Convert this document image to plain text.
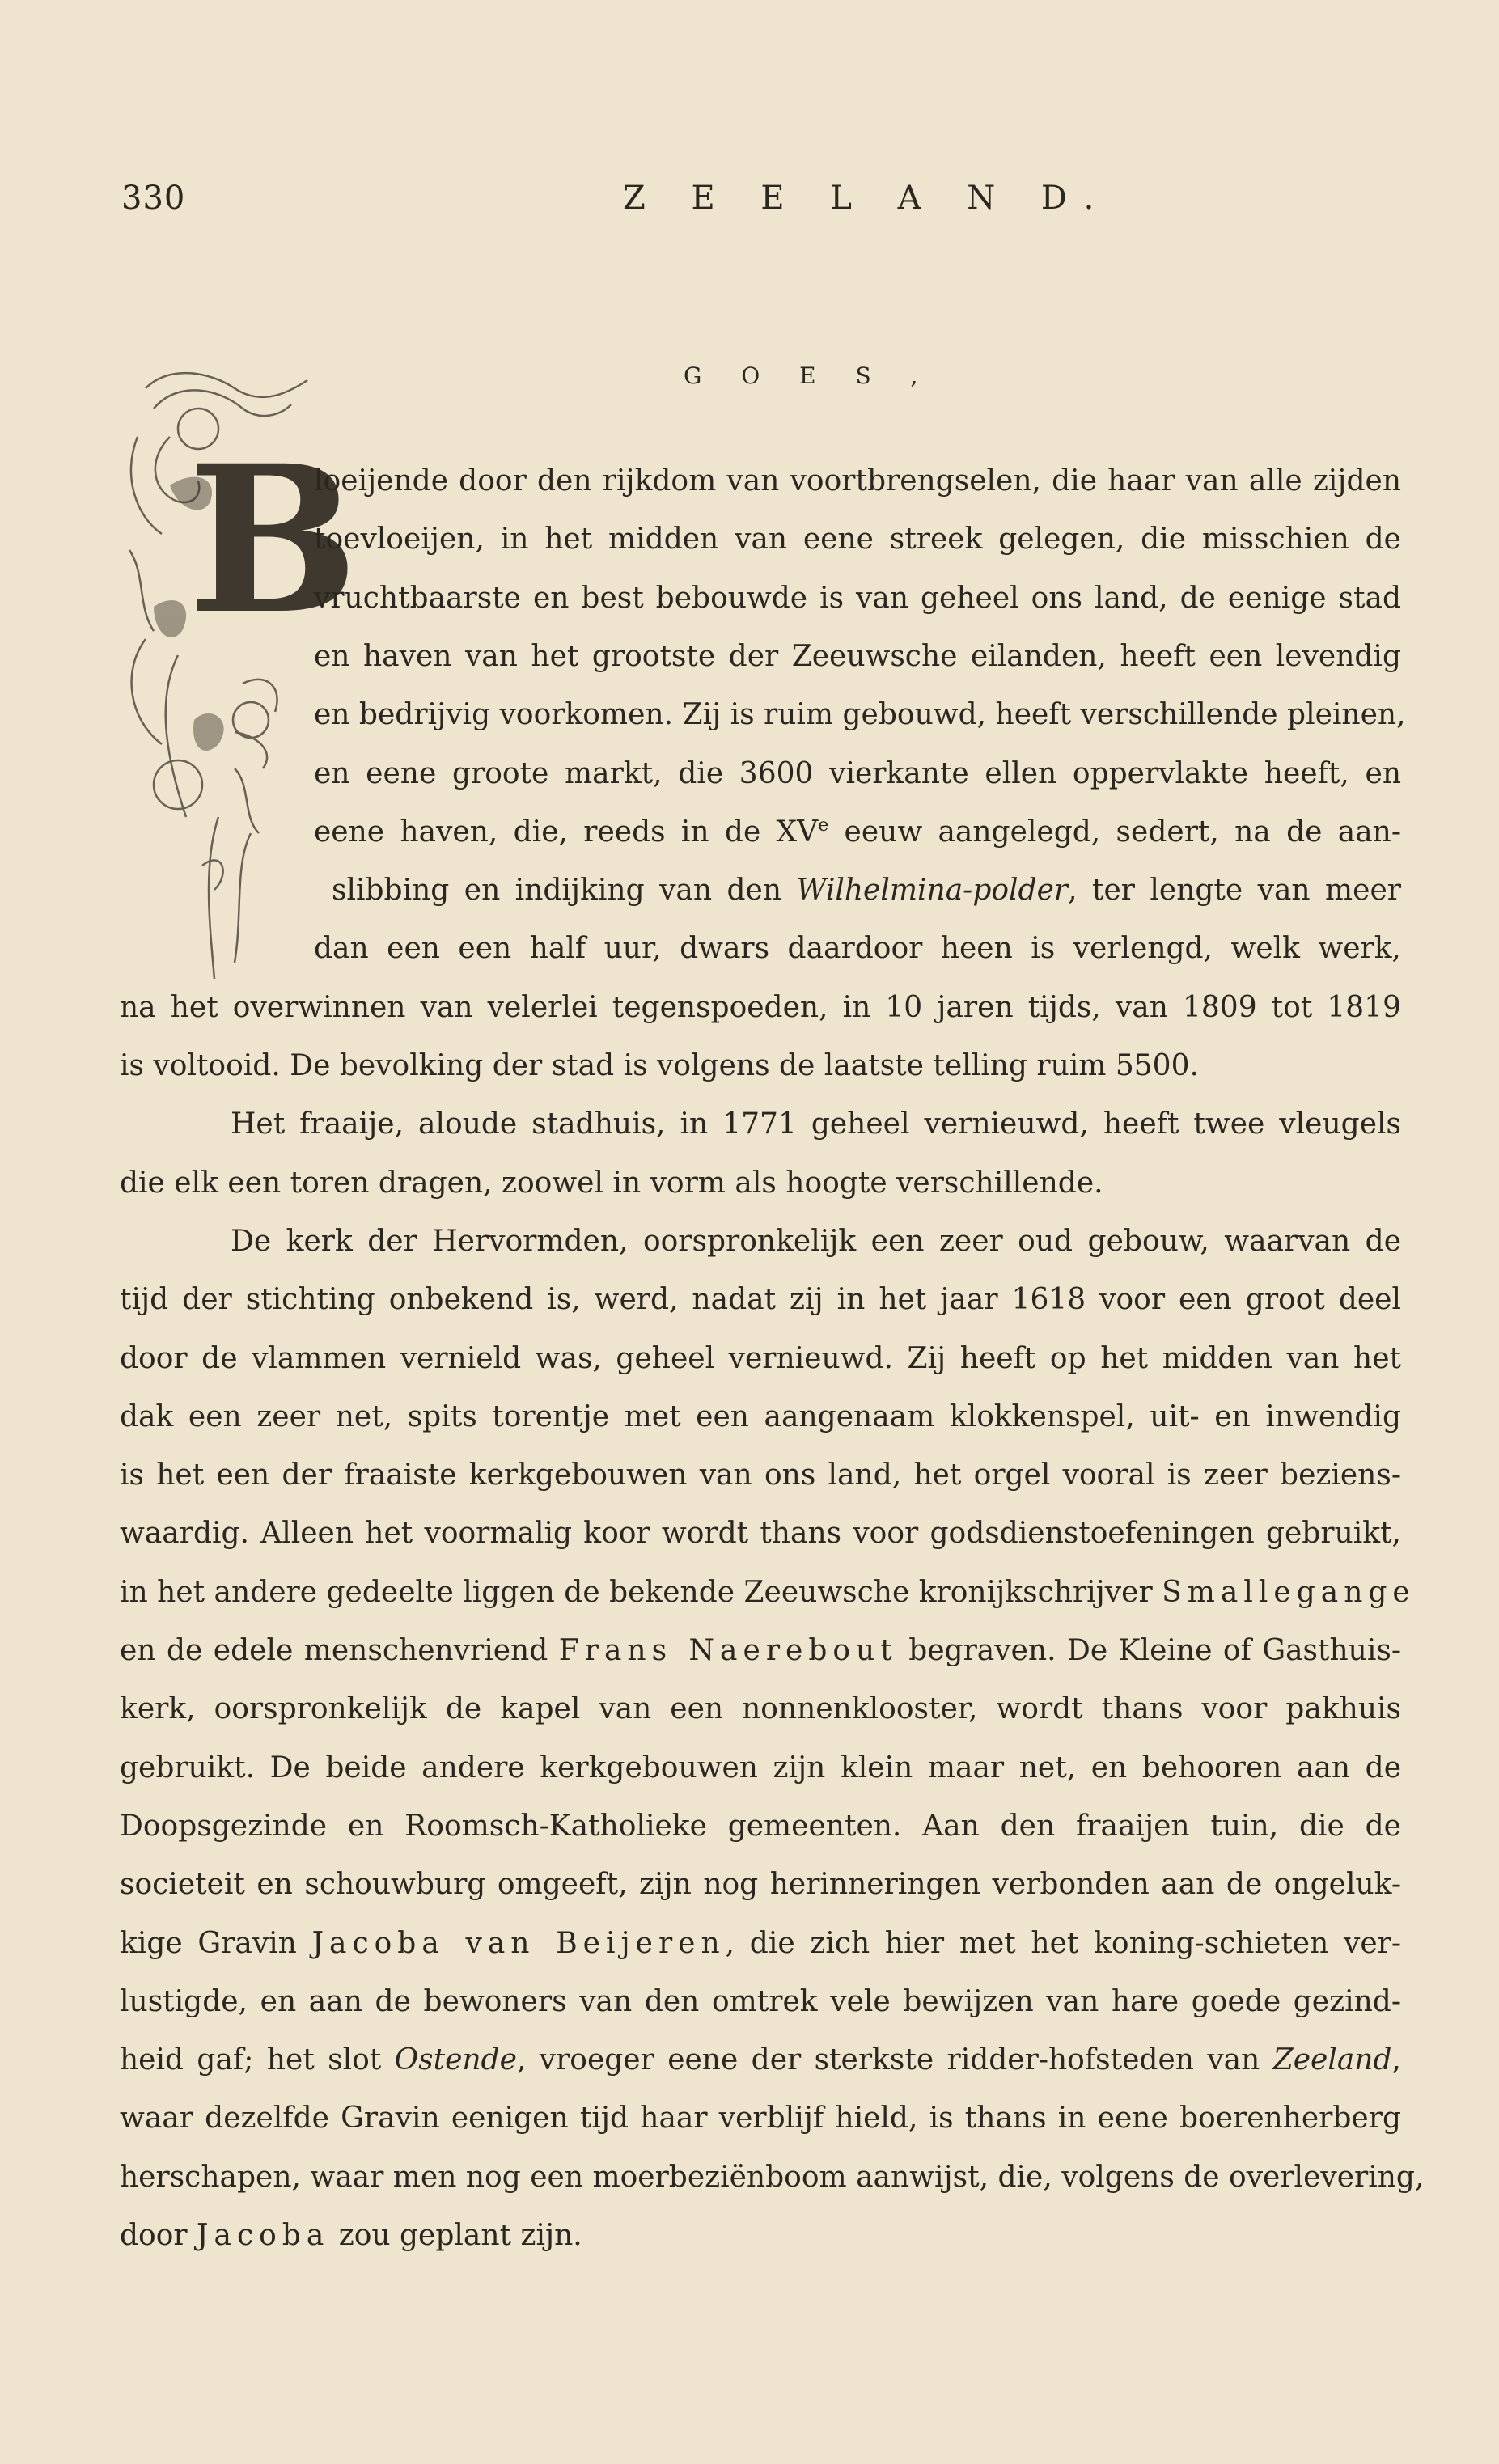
330	Z E E L A N D.
G O E S ,
B
loeijende door den rijkdom van voortbrengselen, die haar van alle zijden
toevloeijen, in het midden van eene streek gelegen, die misschien de
vruchtbaarste en best bebouwde is van geheel ons land, de eenige stad
en haven van het grootste der Zeeuwsche eilanden, heeft een levendig
en bedrijvig voorkomen. Zij is ruim gebouwd, heeft verschillende pleinen,
en eene groote markt, die 3600 vierkante ellen oppervlakte heeft, en
eene haven, die, reeds in de XVe eeuw aangelegd, sedert, na de aan-
slibbing en indijking van den Wilhelmina-polder, ter lengte van meer
dan een een half uur, dwars daardoor heen is verlengd, welk werk,
na het overwinnen van velerlei tegenspoeden, in 10 jaren tijds, van 1809 tot 1819
is voltooid. De bevolking der stad is volgens de laatste telling ruim 5500.
Het fraaije, aloude stadhuis, in 1771 geheel vernieuwd, heeft twee vleugels
die elk een toren dragen, zoowel in vorm als hoogte verschillende.
De kerk der Hervormden, oorspronkelijk een zeer oud gebouw, waarvan de
tijd der stichting onbekend is, werd, nadat zij in het jaar 1618 voor een groot deel
door de vlammen vernield was, geheel vernieuwd. Zij heeft op het midden van het
dak een zeer net, spits torentje met een aangenaam klokkenspel, uit- en inwendig
is het een der fraaiste kerkgebouwen van ons land, het orgel vooral is zeer beziens-
waardig. Alleen het voormalig koor wordt thans voor godsdienstoefeningen gebruikt,
in het andere gedeelte liggen de bekende Zeeuwsche kronijkschrijver Smallegange
en de edele menschenvriend Frans Naerebout begraven. De Kleine of Gasthuis-
kerk, oorspronkelijk de kapel van een nonnenklooster, wordt thans voor pakhuis
gebruikt. De beide andere kerkgebouwen zijn klein maar net, en behooren aan de
Doopsgezinde en Roomsch-Katholieke gemeenten. Aan den fraaijen tuin, die de
societeit en schouwburg omgeeft, zijn nog herinneringen verbonden aan de ongeluk-
kige Gravin Jacoba van Beijeren, die zich hier met het koning-schieten ver-
lustigde, en aan de bewoners van den omtrek vele bewijzen van hare goede gezind-
heid gaf; het slot Ostende, vroeger eene der sterkste ridder-hofsteden van Zeeland,
waar dezelfde Gravin eenigen tijd haar verblijf hield, is thans in eene boerenherberg
herschapen, waar men nog een moerbeziënboom aanwijst, die, volgens de overlevering,
door Jacoba zou geplant zijn.
